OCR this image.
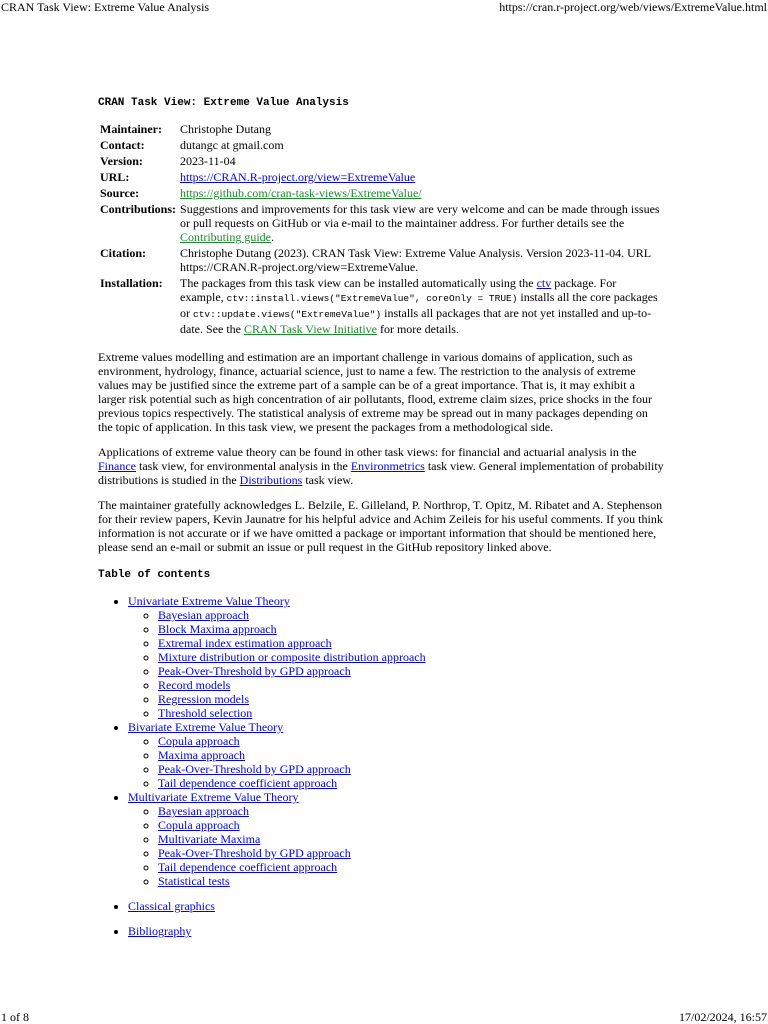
CRAN Task View: Extreme Value Analysis	https://cran.r-project.org/web/views/ExtremeValue.html
CRAN Task View: Extreme Value Analysis
Maintainer:	Christophe Dutang
Contact:	dutangc at gmail.com
Version:	2023-11-04
URL:	https://CRAN.R-project.org/view=ExtremeValue
Source:	https://github.com/cran-task-views/ExtremeValue/
Contributions:	Suggestions and improvements for this task view are very welcome and can be made through issues or pull requests on GitHub or via e-mail to the maintainer address. For further details see the Contributing guide.
Citation:	Christophe Dutang (2023). CRAN Task View: Extreme Value Analysis. Version 2023-11-04. URL https://CRAN.R-project.org/view=ExtremeValue.
Installation:	The packages from this task view can be installed automatically using the ctv package. For example, ctv::install.views("ExtremeValue", coreOnly = TRUE) installs all the core packages or ctv::update.views("ExtremeValue") installs all packages that are not yet installed and up-to-date. See the CRAN Task View Initiative for more details.

Extreme values modelling and estimation are an important challenge in various domains of application, such as environment, hydrology, finance, actuarial science, just to name a few. The restriction to the analysis of extreme values may be justified since the extreme part of a sample can be of a great importance. That is, it may exhibit a larger risk potential such as high concentration of air pollutants, flood, extreme claim sizes, price shocks in the four previous topics respectively. The statistical analysis of extreme may be spread out in many packages depending on the topic of application. In this task view, we present the packages from a methodological side.

Applications of extreme value theory can be found in other task views: for financial and actuarial analysis in the Finance task view, for environmental analysis in the Environmetrics task view. General implementation of probability distributions is studied in the Distributions task view.

The maintainer gratefully acknowledges L. Belzile, E. Gilleland, P. Northrop, T. Opitz, M. Ribatet and A. Stephenson for their review papers, Kevin Jaunatre for his helpful advice and Achim Zeileis for his useful comments. If you think information is not accurate or if we have omitted a package or important information that should be mentioned here, please send an e-mail or submit an issue or pull request in the GitHub repository linked above.

Table of contents
• Univariate Extreme Value Theory
◦ Bayesian approach
◦ Block Maxima approach
◦ Extremal index estimation approach
◦ Mixture distribution or composite distribution approach
◦ Peak-Over-Threshold by GPD approach
◦ Record models
◦ Regression models
◦ Threshold selection
• Bivariate Extreme Value Theory
◦ Copula approach
◦ Maxima approach
◦ Peak-Over-Threshold by GPD approach
◦ Tail dependence coefficient approach
• Multivariate Extreme Value Theory
◦ Bayesian approach
◦ Copula approach
◦ Multivariate Maxima
◦ Peak-Over-Threshold by GPD approach
◦ Tail dependence coefficient approach
◦ Statistical tests
• Classical graphics
• Bibliography
1 of 8	17/02/2024, 16:57
